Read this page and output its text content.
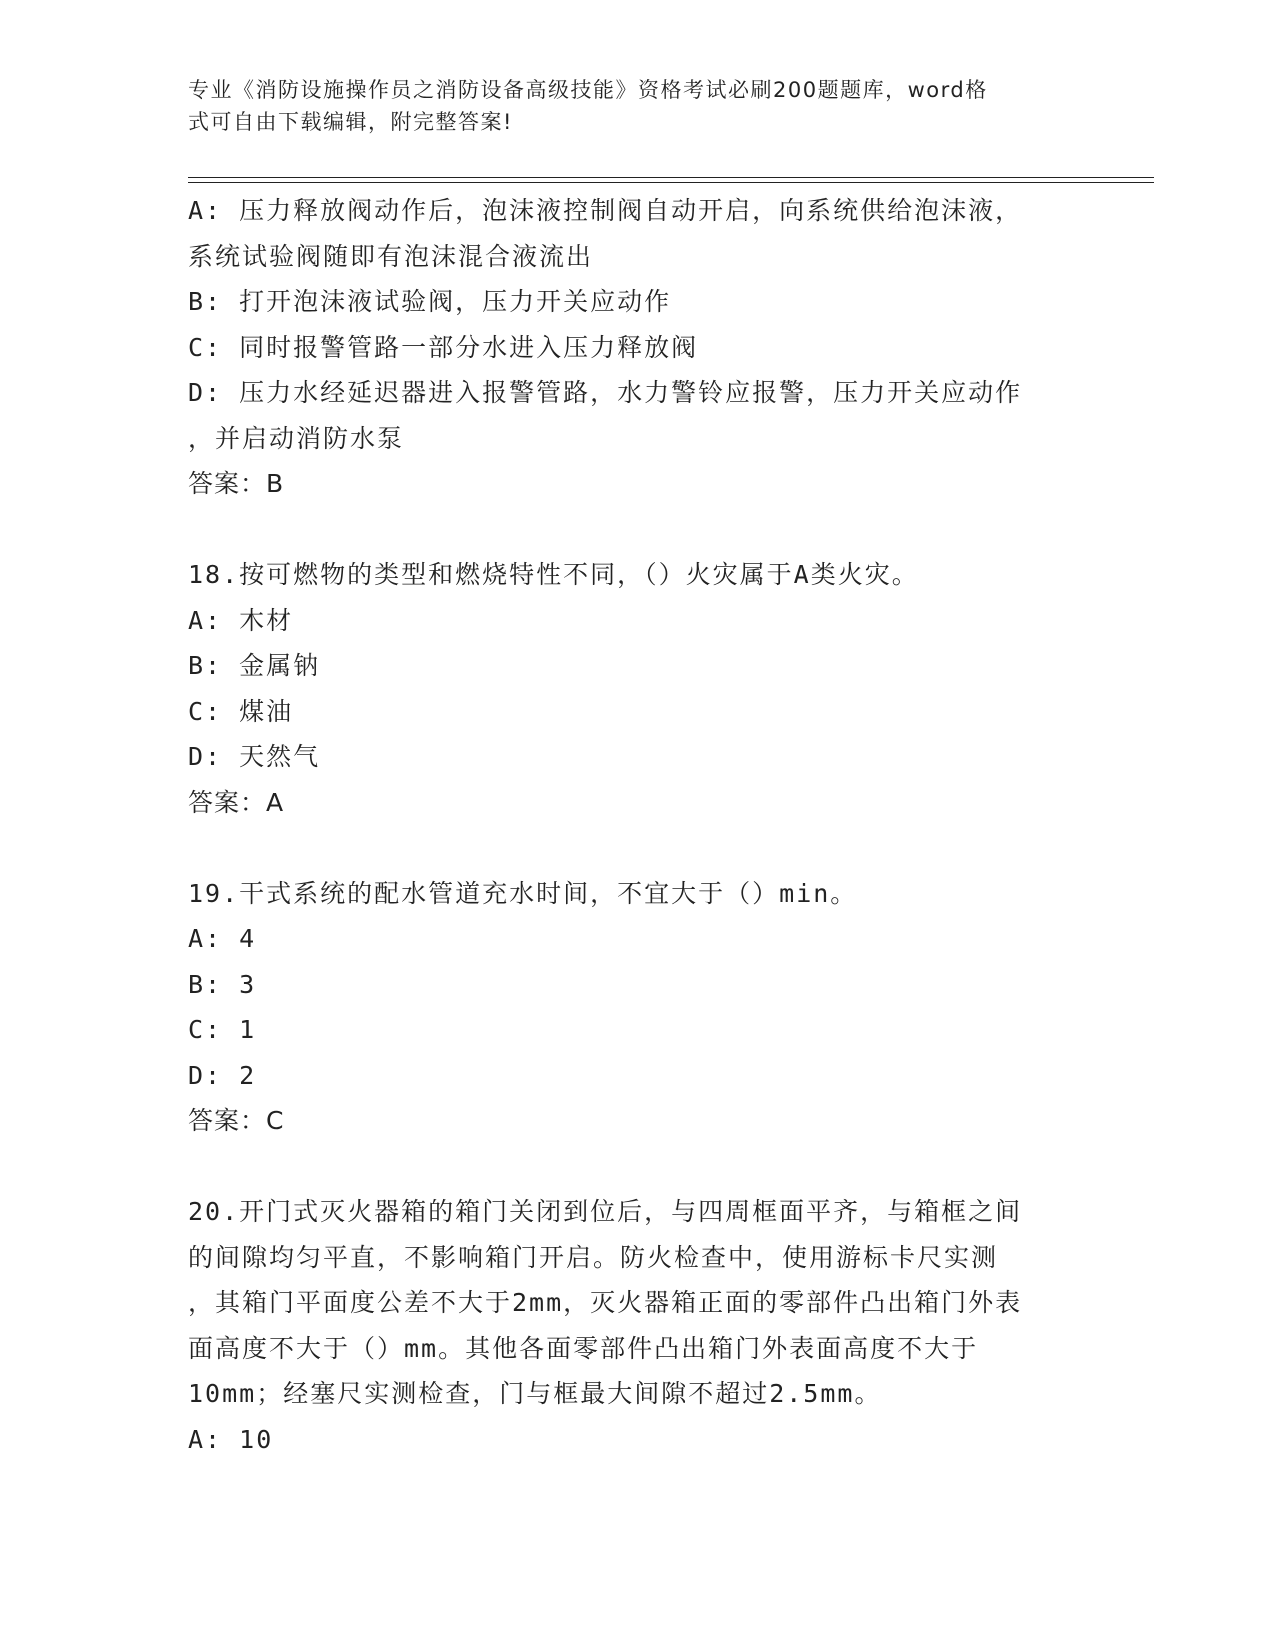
专业《消防设施操作员之消防设备高级技能》资格考试必刷200题题库，word格
式可自由下载编辑，附完整答案!
A: 压力释放阀动作后，泡沫液控制阀自动开启，向系统供给泡沫液，
系统试验阀随即有泡沫混合液流出
B: 打开泡沫液试验阀，压力开关应动作
C: 同时报警管路一部分水进入压力释放阀
D: 压力水经延迟器进入报警管路，水力警铃应报警，压力开关应动作
，并启动消防水泵
答案：B
18.按可燃物的类型和燃烧特性不同，（）火灾属于A类火灾。
A: 木材
B: 金属钠
C: 煤油
D: 天然气
答案：A
19.干式系统的配水管道充水时间，不宜大于（）min。
A: 4
B: 3
C: 1
D: 2
答案：C
20.开门式灭火器箱的箱门关闭到位后，与四周框面平齐，与箱框之间
的间隙均匀平直，不影响箱门开启。防火检查中，使用游标卡尺实测
，其箱门平面度公差不大于2mm，灭火器箱正面的零部件凸出箱门外表
面高度不大于（）mm。其他各面零部件凸出箱门外表面高度不大于
10mm；经塞尺实测检查，门与框最大间隙不超过2.5mm。
A: 10
